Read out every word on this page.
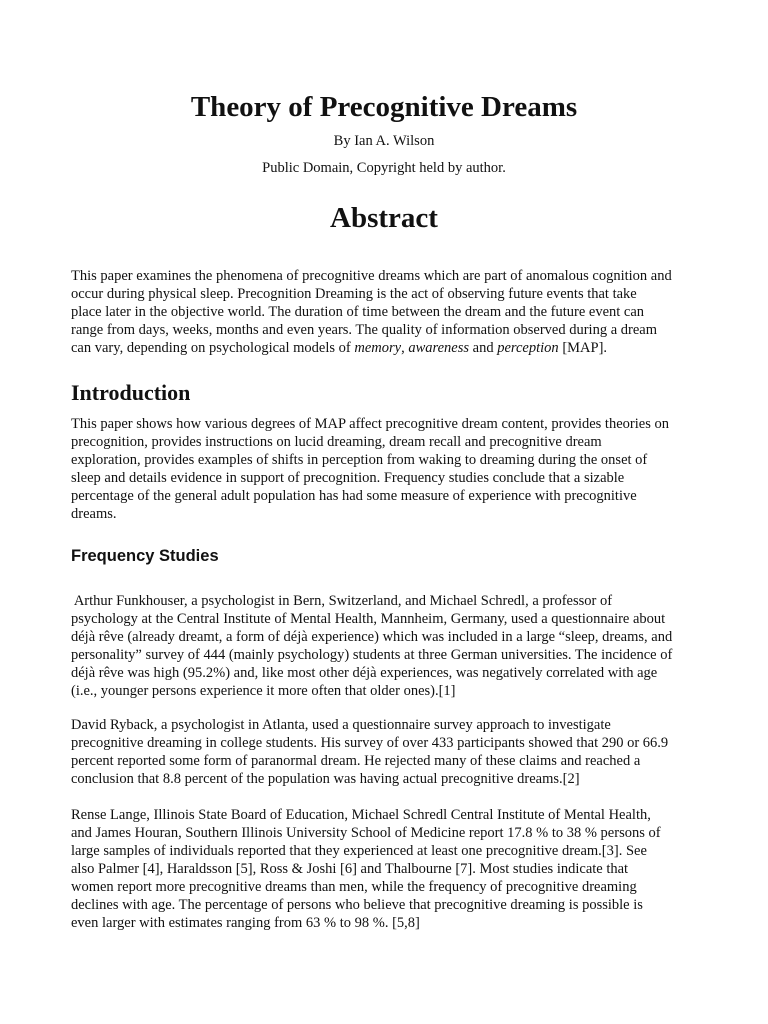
Theory of Precognitive Dreams

By Ian A. Wilson

Public Domain, Copyright held by author.

Abstract
This paper examines the phenomena of precognitive dreams which are part of anomalous cognition and
occur during physical sleep. Precognition Dreaming is the act of observing future events that take
place later in the objective world. The duration of time between the dream and the future event can
range from days, weeks, months and even years. The quality of information observed during a dream
can vary, depending on psychological models of memory, awareness and perception [MAP].
Introduction
This paper shows how various degrees of MAP affect precognitive dream content, provides theories on
precognition, provides instructions on lucid dreaming, dream recall and precognitive dream
exploration, provides examples of shifts in perception from waking to dreaming during the onset of
sleep and details evidence in support of precognition. Frequency studies conclude that a sizable
percentage of the general adult population has had some measure of experience with precognitive
dreams.
Frequency Studies
Arthur Funkhouser, a psychologist in Bern, Switzerland, and Michael Schredl, a professor of
psychology at the Central Institute of Mental Health, Mannheim, Germany, used a questionnaire about
déjà rêve (already dreamt, a form of déjà experience) which was included in a large “sleep, dreams, and
personality” survey of 444 (mainly psychology) students at three German universities. The incidence of
déjà rêve was high (95.2%) and, like most other déjà experiences, was negatively correlated with age
(i.e., younger persons experience it more often that older ones).[1]
David Ryback, a psychologist in Atlanta, used a questionnaire survey approach to investigate
precognitive dreaming in college students. His survey of over 433 participants showed that 290 or 66.9
percent reported some form of paranormal dream. He rejected many of these claims and reached a
conclusion that 8.8 percent of the population was having actual precognitive dreams.[2]
Rense Lange, Illinois State Board of Education, Michael Schredl Central Institute of Mental Health,
and James Houran, Southern Illinois University School of Medicine report 17.8 % to 38 % persons of
large samples of individuals reported that they experienced at least one precognitive dream.[3]. See
also Palmer [4], Haraldsson [5], Ross & Joshi [6] and Thalbourne [7]. Most studies indicate that
women report more precognitive dreams than men, while the frequency of precognitive dreaming
declines with age. The percentage of persons who believe that precognitive dreaming is possible is
even larger with estimates ranging from 63 % to 98 %. [5,8]
